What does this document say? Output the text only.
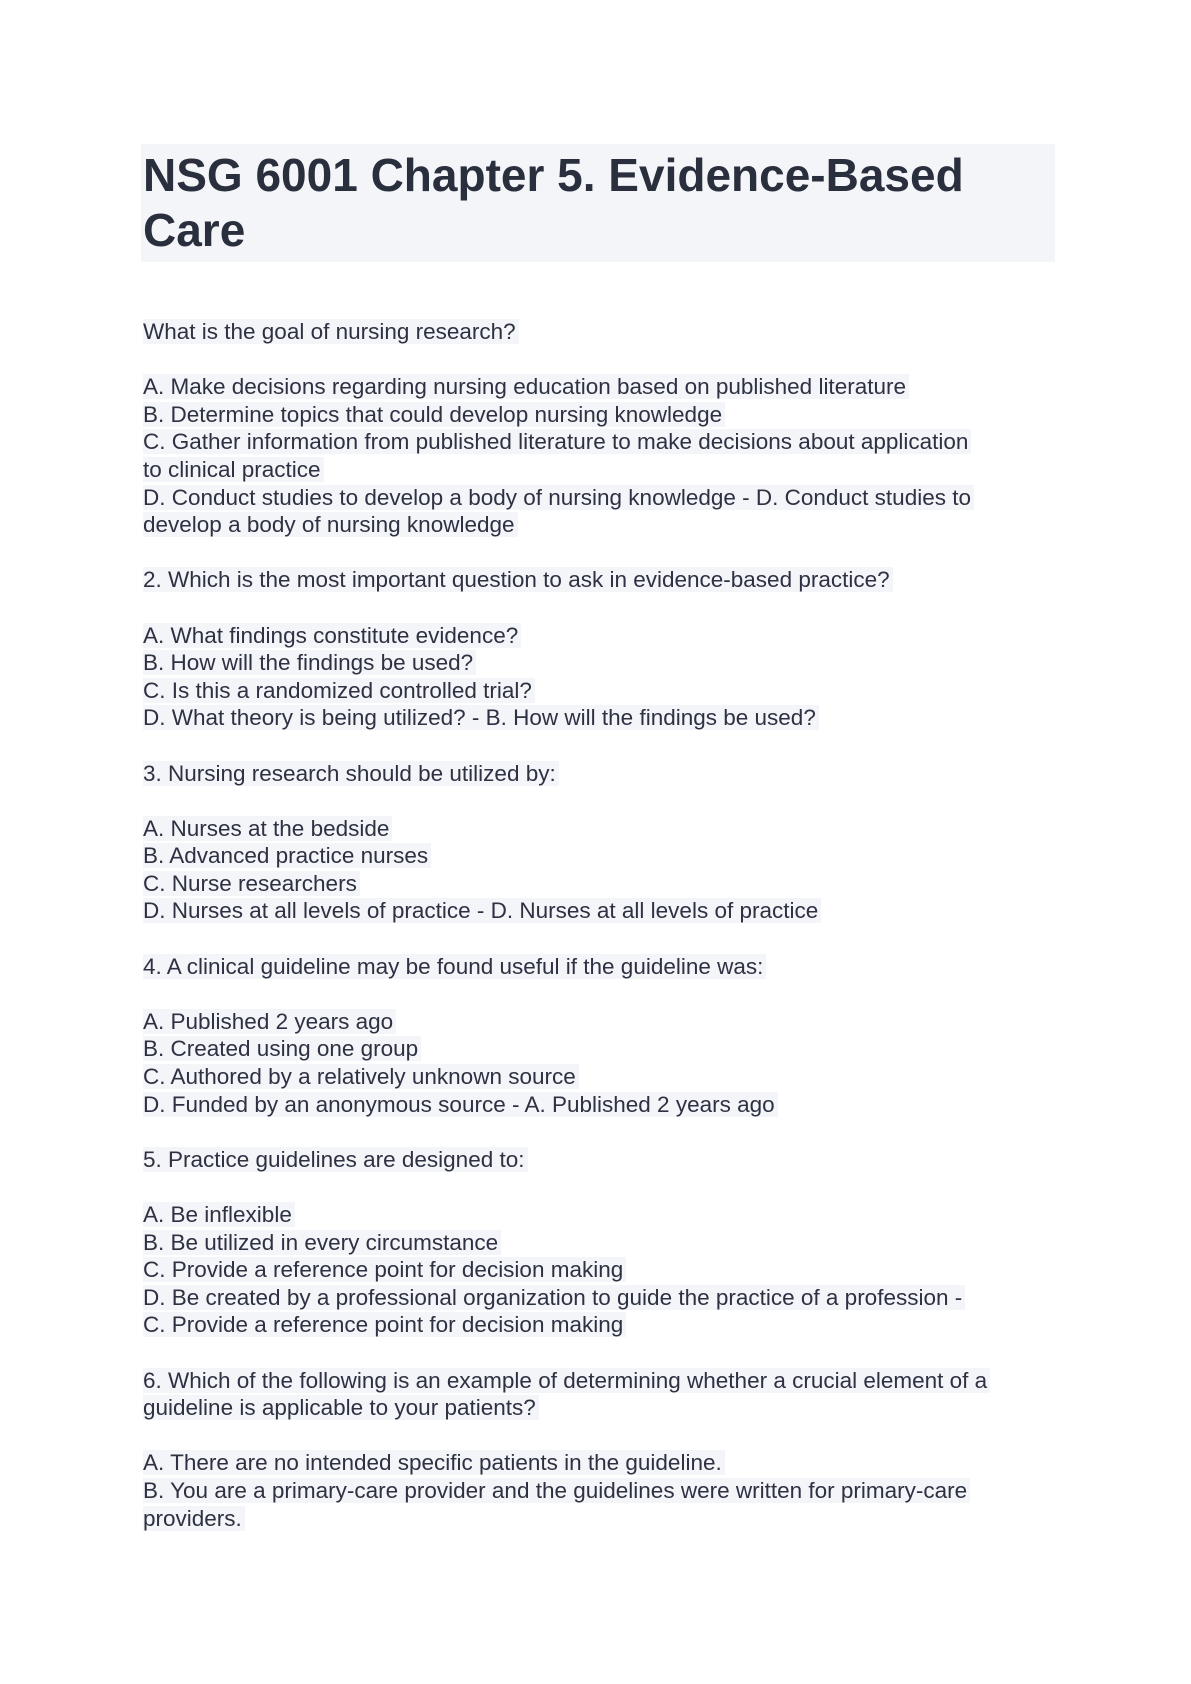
NSG 6001 Chapter 5. Evidence-Based Care

What is the goal of nursing research?

A. Make decisions regarding nursing education based on published literature
B. Determine topics that could develop nursing knowledge
C. Gather information from published literature to make decisions about application
to clinical practice
D. Conduct studies to develop a body of nursing knowledge - D. Conduct studies to
develop a body of nursing knowledge

2. Which is the most important question to ask in evidence-based practice?

A. What findings constitute evidence?
B. How will the findings be used?
C. Is this a randomized controlled trial?
D. What theory is being utilized? - B. How will the findings be used?

3. Nursing research should be utilized by:

A. Nurses at the bedside
B. Advanced practice nurses
C. Nurse researchers
D. Nurses at all levels of practice - D. Nurses at all levels of practice

4. A clinical guideline may be found useful if the guideline was:

A. Published 2 years ago
B. Created using one group
C. Authored by a relatively unknown source
D. Funded by an anonymous source - A. Published 2 years ago

5. Practice guidelines are designed to:

A. Be inflexible
B. Be utilized in every circumstance
C. Provide a reference point for decision making
D. Be created by a professional organization to guide the practice of a profession -
C. Provide a reference point for decision making

6. Which of the following is an example of determining whether a crucial element of a
guideline is applicable to your patients?

A. There are no intended specific patients in the guideline.
B. You are a primary-care provider and the guidelines were written for primary-care
providers.
